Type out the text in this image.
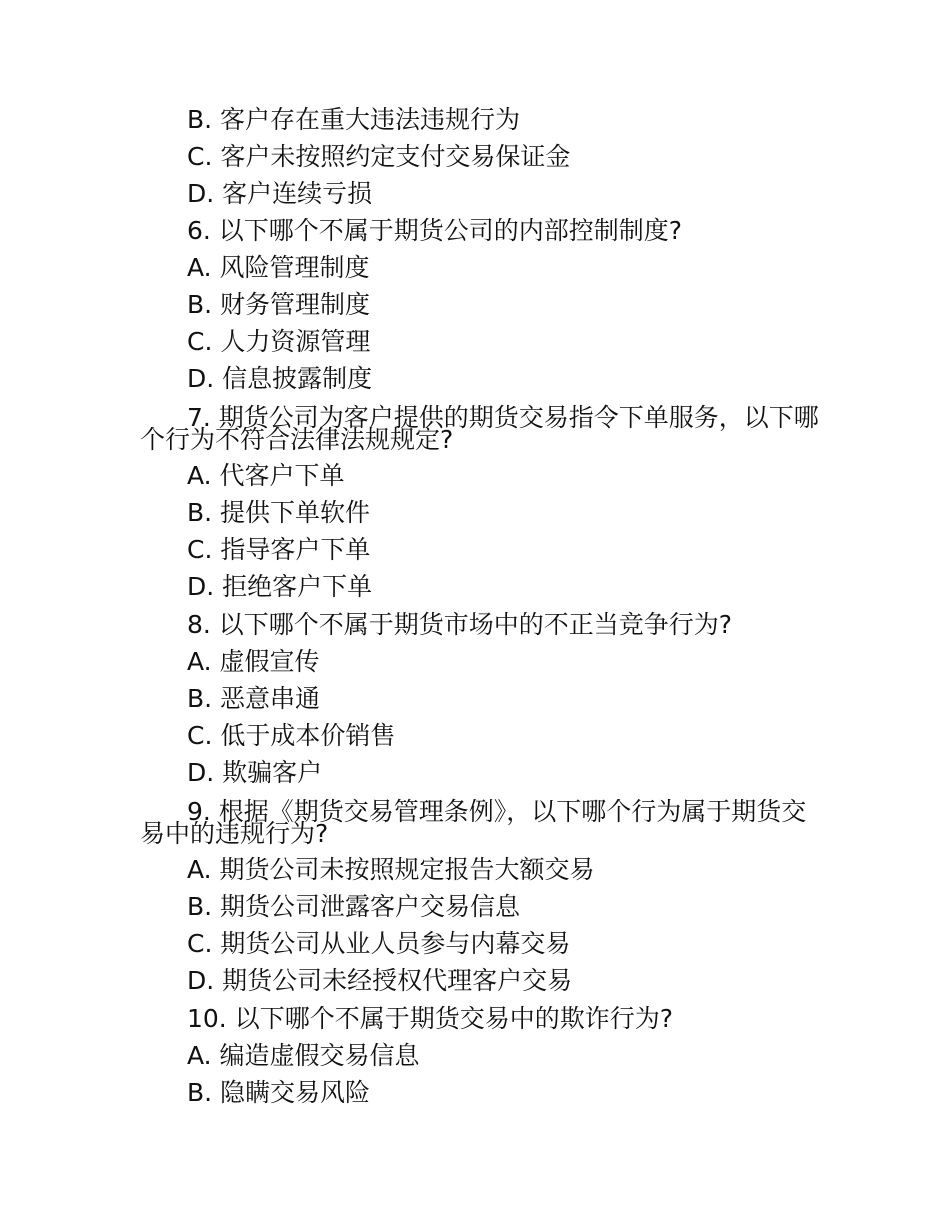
B. 客户存在重大违法违规行为
C. 客户未按照约定支付交易保证金
D. 客户连续亏损
6. 以下哪个不属于期货公司的内部控制制度?
A. 风险管理制度
B. 财务管理制度
C. 人力资源管理
D. 信息披露制度
7. 期货公司为客户提供的期货交易指令下单服务，以下哪
个行为不符合法律法规规定?
A. 代客户下单
B. 提供下单软件
C. 指导客户下单
D. 拒绝客户下单
8. 以下哪个不属于期货市场中的不正当竞争行为?
A. 虚假宣传
B. 恶意串通
C. 低于成本价销售
D. 欺骗客户
9. 根据《期货交易管理条例》，以下哪个行为属于期货交
易中的违规行为?
A. 期货公司未按照规定报告大额交易
B. 期货公司泄露客户交易信息
C. 期货公司从业人员参与内幕交易
D. 期货公司未经授权代理客户交易
10. 以下哪个不属于期货交易中的欺诈行为?
A. 编造虚假交易信息
B. 隐瞒交易风险
